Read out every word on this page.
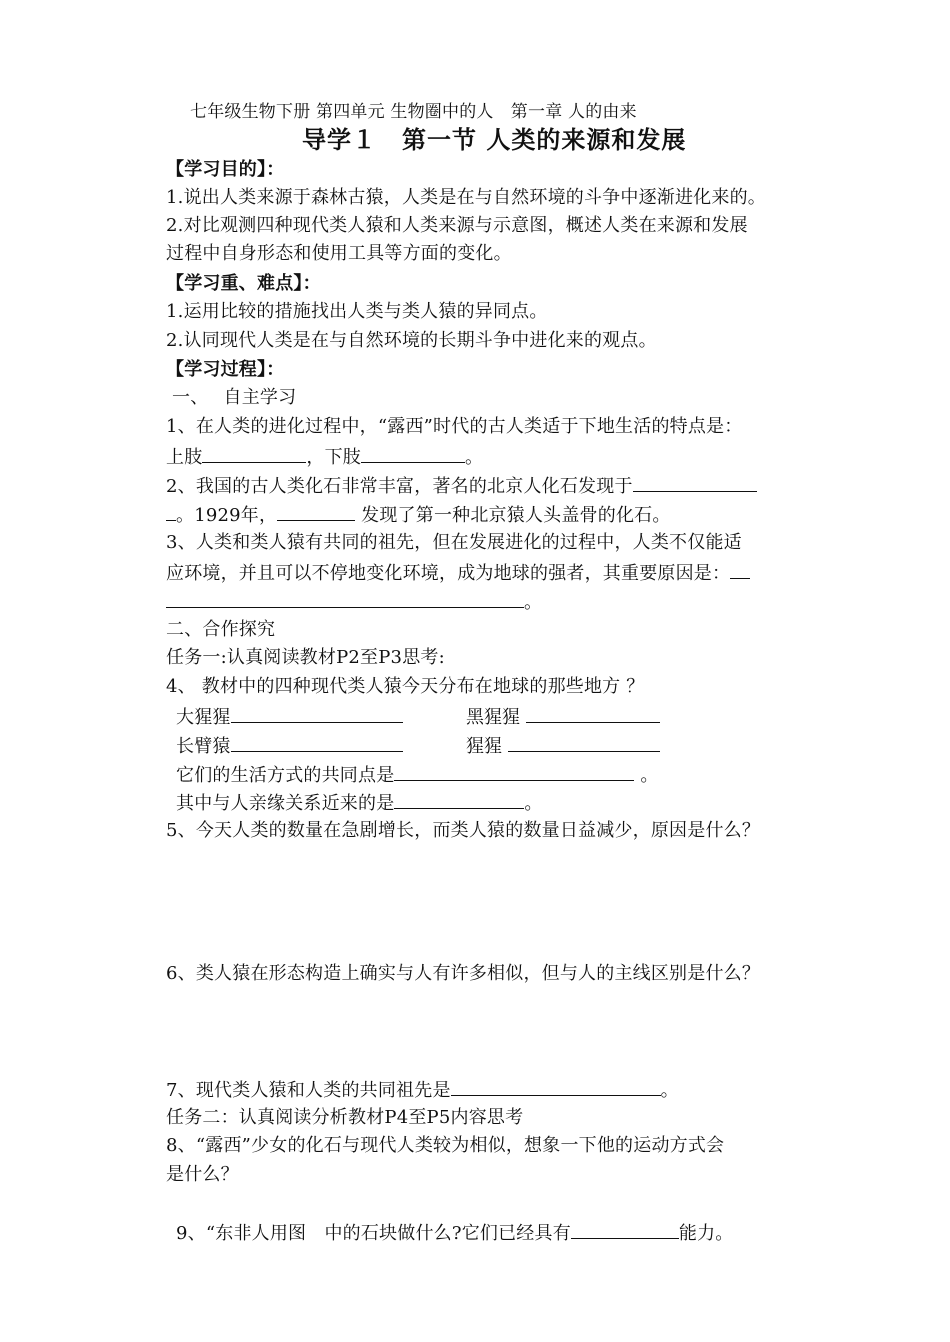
七年级生物下册 第四单元 生物圈中的人　第一章 人的由来
导学１　第一节 人类的来源和发展
【学习目的】：
1.说出人类来源于森林古猿，人类是在与自然环境的斗争中逐渐进化来的。
2.对比观测四种现代类人猿和人类来源与示意图，概述人类在来源和发展
过程中自身形态和使用工具等方面的变化。
【学习重、难点】：
1.运用比较的措施找出人类与类人猿的异同点。
2.认同现代人类是在与自然环境的长期斗争中进化来的观点。
【学习过程】：
一、　 自主学习
1、在人类的进化过程中，“露西”时代的古人类适于下地生活的特点是：
上肢	，下肢	。
2、我国的古人类化石非常丰富，著名的北京人化石发现于
。1929年，	发现了第一种北京猿人头盖骨的化石。
3、人类和类人猿有共同的祖先，但在发展进化的过程中，人类不仅能适
应环境，并且可以不停地变化环境，成为地球的强者，其重要原因是：
。
二、合作探究
任务一:认真阅读教材P2至P3思考:
4、 教材中的四种现代类人猿今天分布在地球的那些地方 ？
大猩猩	黑猩猩
长臂猿	猩猩
它们的生活方式的共同点是	。
其中与人亲缘关系近来的是	。
5、今天人类的数量在急剧增长，而类人猿的数量日益减少，原因是什么？
6、类人猿在形态构造上确实与人有许多相似，但与人的主线区别是什么？
7、现代类人猿和人类的共同祖先是	。
任务二：认真阅读分析教材P4至P5内容思考
8、“露西”少女的化石与现代人类较为相似，想象一下他的运动方式会
是什么？
9、“东非人用图　中的石块做什么?它们已经具有	能力。
